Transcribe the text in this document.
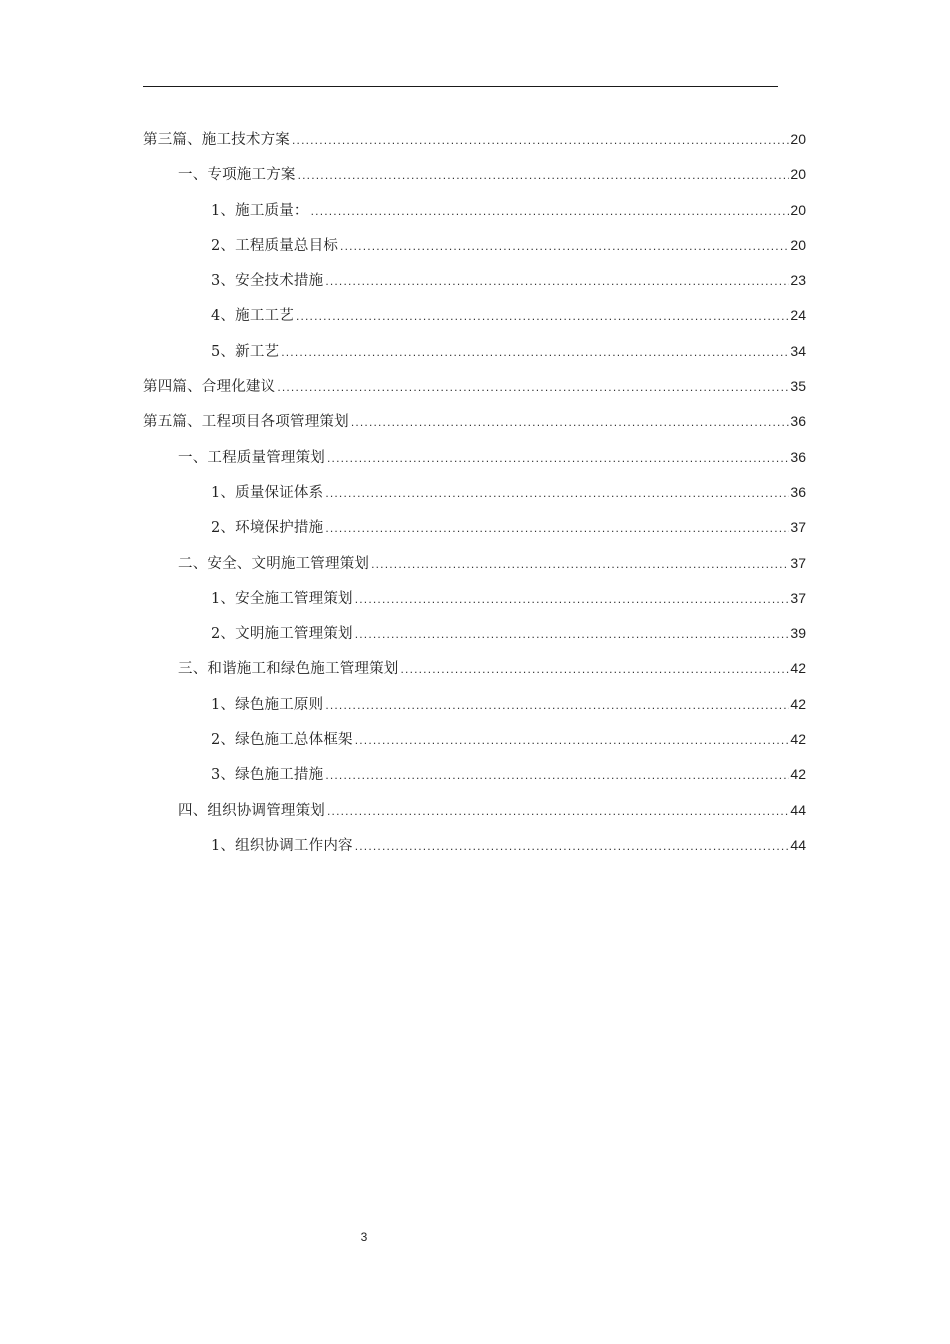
第三篇、施工技术方案 .....	20
一、专项施工方案 .....	20
1、施工质量： .....	20
2、工程质量总目标 .....	20
3、安全技术措施 .....	23
4、施工工艺 .....	24
5、新工艺 .....	34
第四篇、合理化建议 .....	35
第五篇、工程项目各项管理策划 .....	36
一、工程质量管理策划 .....	36
1、质量保证体系 .....	36
2、环境保护措施 .....	37
二、安全、文明施工管理策划 .....	37
1、安全施工管理策划 .....	37
2、文明施工管理策划 .....	39
三、和谐施工和绿色施工管理策划 .....	42
1、绿色施工原则 .....	42
2、绿色施工总体框架 .....	42
3、绿色施工措施 .....	42
四、组织协调管理策划 .....	44
1、组织协调工作内容 .....	44
3
